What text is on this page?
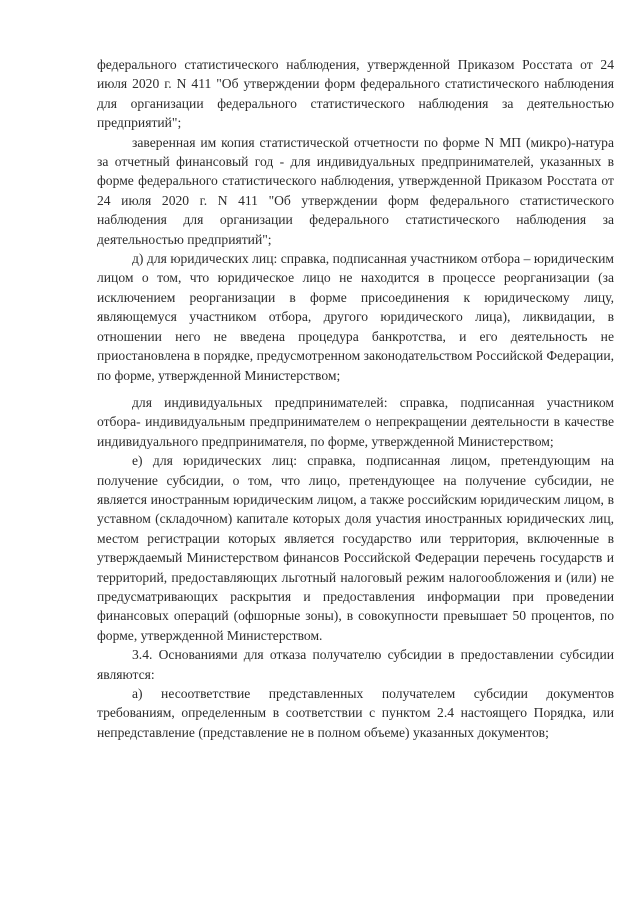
федерального статистического наблюдения, утвержденной Приказом Росстата от 24 июля 2020 г. N 411 "Об утверждении форм федерального статистического наблюдения для организации федерального статистического наблюдения за деятельностью предприятий";

заверенная им копия статистической отчетности по форме N МП (микро)-натура за отчетный финансовый год - для индивидуальных предпринимателей, указанных в форме федерального статистического наблюдения, утвержденной Приказом Росстата от 24 июля 2020 г. N 411 "Об утверждении форм федерального статистического наблюдения для организации федерального статистического наблюдения за деятельностью предприятий";

д) для юридических лиц: справка, подписанная участником отбора – юридическим лицом о том, что юридическое лицо не находится в процессе реорганизации (за исключением реорганизации в форме присоединения к юридическому лицу, являющемуся участником отбора, другого юридического лица), ликвидации, в отношении него не введена процедура банкротства, и его деятельность не приостановлена в порядке, предусмотренном законодательством Российской Федерации, по форме, утвержденной Министерством;

для индивидуальных предпринимателей: справка, подписанная участником отбора- индивидуальным предпринимателем о непрекращении деятельности в качестве индивидуального предпринимателя, по форме, утвержденной Министерством;

е) для юридических лиц: справка, подписанная лицом, претендующим на получение субсидии, о том, что лицо, претендующее на получение субсидии, не является иностранным юридическим лицом, а также российским юридическим лицом, в уставном (складочном) капитале которых доля участия иностранных юридических лиц, местом регистрации которых является государство или территория, включенные в утверждаемый Министерством финансов Российской Федерации перечень государств и территорий, предоставляющих льготный налоговый режим налогообложения и (или) не предусматривающих раскрытия и предоставления информации при проведении финансовых операций (офшорные зоны), в совокупности превышает 50 процентов, по форме, утвержденной Министерством.

3.4. Основаниями для отказа получателю субсидии в предоставлении субсидии являются:

а) несоответствие представленных получателем субсидии документов требованиям, определенным в соответствии с пунктом 2.4 настоящего Порядка, или непредставление (представление не в полном объеме) указанных документов;
